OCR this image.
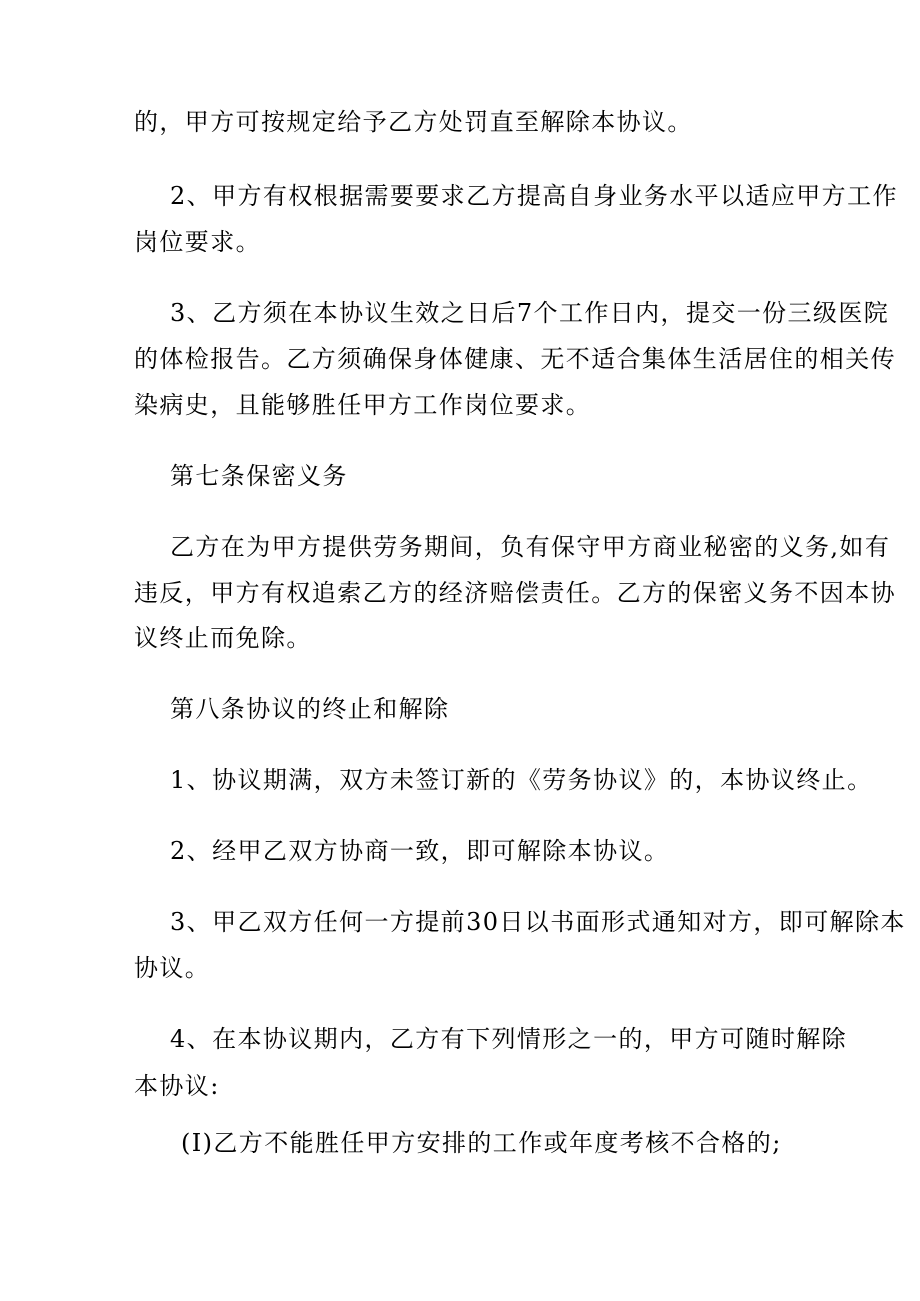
的，甲方可按规定给予乙方处罚直至解除本协议。

2、甲方有权根据需要要求乙方提高自身业务水平以适应甲方工作

岗位要求。

3、乙方须在本协议生效之日后7个工作日内，提交一份三级医院

的体检报告。乙方须确保身体健康、无不适合集体生活居住的相关传

染病史，且能够胜任甲方工作岗位要求。

第七条保密义务

乙方在为甲方提供劳务期间，负有保守甲方商业秘密的义务,如有

违反，甲方有权追索乙方的经济赔偿责任。乙方的保密义务不因本协

议终止而免除。

第八条协议的终止和解除

1、协议期满，双方未签订新的《劳务协议》的，本协议终止。

2、经甲乙双方协商一致，即可解除本协议。

3、甲乙双方任何一方提前30日以书面形式通知对方，即可解除本

协议。

4、在本协议期内，乙方有下列情形之一的，甲方可随时解除

本协议:

(I)乙方不能胜任甲方安排的工作或年度考核不合格的;
